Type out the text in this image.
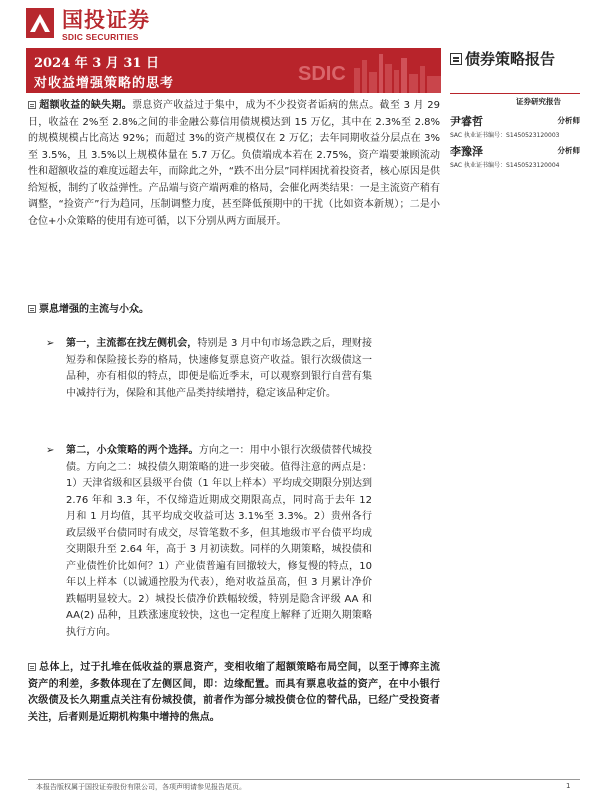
国投证券
SDIC SECURITIES
2024 年 3 月 31 日
对收益增强策略的思考	SDIC
债券策略报告
证券研究报告
尹睿哲	分析师
SAC 执业证书编号：S1450523120003
李豫泽	分析师
SAC 执业证书编号：S1450523120004
超额收益的缺失期。票息资产收益过于集中，成为不少投资者诟病的焦点。截至 3 月 29 日，收益在 2%至 2.8%之间的非金融公募信用债规模达到 15 万亿，其中在 2.3%至 2.8%的规模规模占比高达 92%；而超过 3%的资产规模仅在 2 万亿；去年同期收益分层点在 3%至 3.5%，且 3.5%以上规模体量在 5.7 万亿。负债端成本若在 2.75%，资产端要兼顾流动性和超额收益的难度远超去年，而除此之外，“跌不出分层”同样困扰着投资者，核心原因是供给短板，制约了收益弹性。产品端与资产端两难的格局，会催化两类结果：一是主流资产稍有调整，“捡资产”行为趋同，压制调整力度，甚至降低预期中的干扰（比如资本新规）；二是小仓位+小众策略的使用有迹可循，以下分别从两方面展开。
票息增强的主流与小众。
➢ 第一，主流都在找左侧机会，特别是 3 月中旬市场急跌之后，理财接短券和保险接长券的格局，快速修复票息资产收益。银行次级债这一品种，亦有相似的特点，即便是临近季末，可以观察到银行自营有集中减持行为，保险和其他产品类持续增持，稳定该品种定价。
➢ 第二，小众策略的两个选择。方向之一：用中小银行次级债替代城投债。方向之二：城投债久期策略的进一步突破。值得注意的两点是：1）天津省级和区县级平台债（1 年以上样本）平均成交期限分别达到 2.76 年和 3.3 年，不仅缔造近期成交期限高点，同时高于去年 12 月和 1 月均值，其平均成交收益可达 3.1%至 3.3%。2）贵州各行政层级平台债同时有成交，尽管笔数不多，但其地级市平台债平均成交期限升至 2.64 年，高于 3 月初读数。同样的久期策略，城投债和产业债性价比如何？1）产业债普遍有回撤较大，修复慢的特点，10 年以上样本（以诚通控股为代表），绝对收益虽高，但 3 月累计净价跌幅明显较大。2）城投长债净价跌幅较缓，特别是隐含评级 AA 和 AA(2) 品种，且跌涨速度较快，这也一定程度上解释了近期久期策略执行方向。
总体上，过于扎堆在低收益的票息资产，变相收缩了超额策略布局空间，以至于博弈主流资产的利差，多数体现在了左侧区间，即：边缘配置。而具有票息收益的资产，在中小银行次级债及长久期重点关注有份城投债，前者作为部分城投债仓位的替代品，已经广受投资者关注，后者则是近期机构集中增持的焦点。
本报告版权属于国投证券股份有限公司，各项声明请参见报告尾页。	1
